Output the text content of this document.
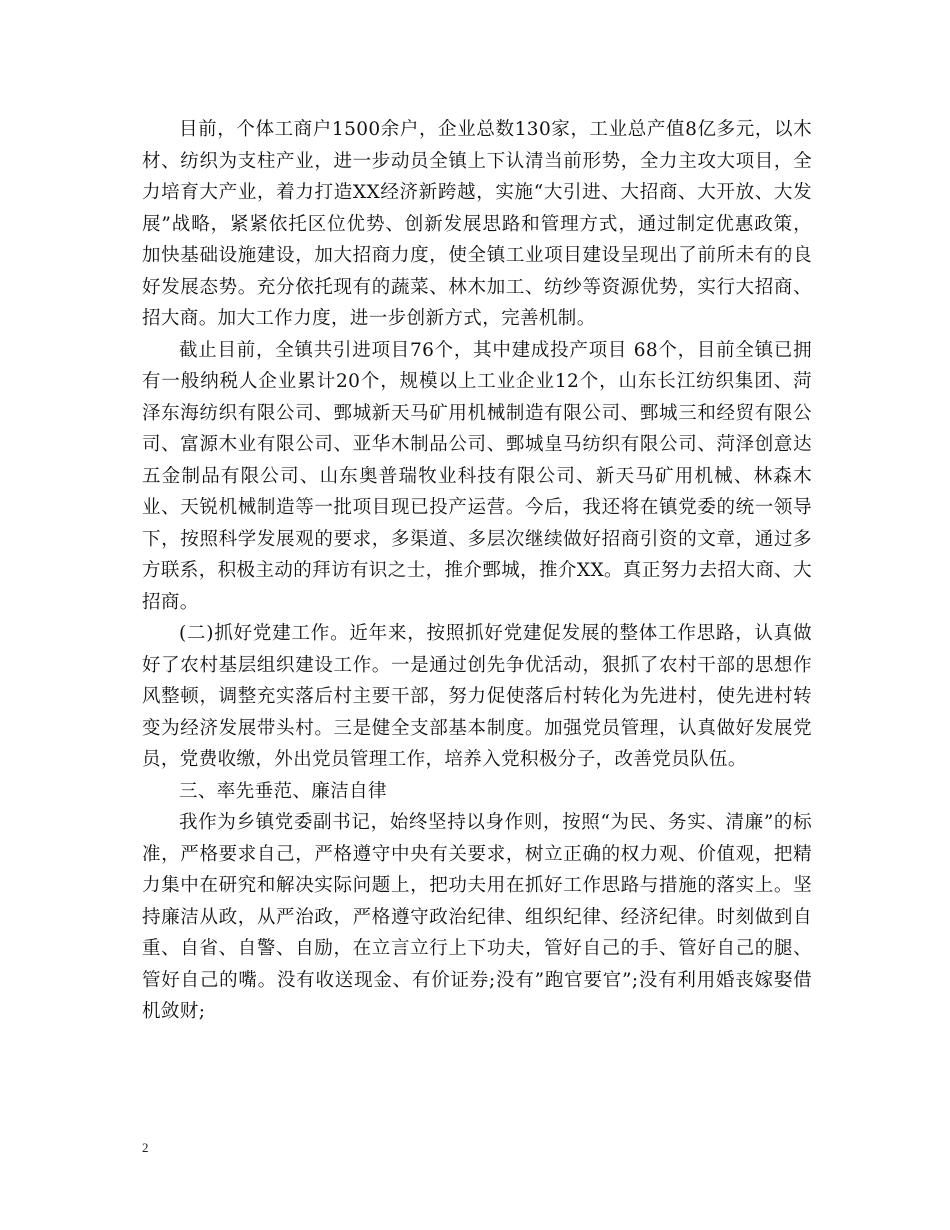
目前，个体工商户1500余户，企业总数130家，工业总产值8亿多元，以木材、纺织为支柱产业，进一步动员全镇上下认清当前形势，全力主攻大项目，全力培育大产业，着力打造XX经济新跨越，实施“大引进、大招商、大开放、大发展”战略，紧紧依托区位优势、创新发展思路和管理方式，通过制定优惠政策，加快基础设施建设，加大招商力度，使全镇工业项目建设呈现出了前所未有的良好发展态势。充分依托现有的蔬菜、林木加工、纺纱等资源优势，实行大招商、招大商。加大工作力度，进一步创新方式，完善机制。

截止目前，全镇共引进项目76个，其中建成投产项目 68个，目前全镇已拥有一般纳税人企业累计20个，规模以上工业企业12个，山东长江纺织集团、菏泽东海纺织有限公司、鄄城新天马矿用机械制造有限公司、鄄城三和经贸有限公司、富源木业有限公司、亚华木制品公司、鄄城皇马纺织有限公司、菏泽创意达五金制品有限公司、山东奥普瑞牧业科技有限公司、新天马矿用机械、林森木业、天锐机械制造等一批项目现已投产运营。今后，我还将在镇党委的统一领导下，按照科学发展观的要求，多渠道、多层次继续做好招商引资的文章，通过多方联系，积极主动的拜访有识之士，推介鄄城，推介XX。真正努力去招大商、大招商。

(二)抓好党建工作。近年来，按照抓好党建促发展的整体工作思路，认真做好了农村基层组织建设工作。一是通过创先争优活动，狠抓了农村干部的思想作风整顿，调整充实落后村主要干部，努力促使落后村转化为先进村，使先进村转变为经济发展带头村。三是健全支部基本制度。加强党员管理，认真做好发展党员，党费收缴，外出党员管理工作，培养入党积极分子，改善党员队伍。

三、率先垂范、廉洁自律

我作为乡镇党委副书记，始终坚持以身作则，按照“为民、务实、清廉”的标准，严格要求自己，严格遵守中央有关要求，树立正确的权力观、价值观，把精力集中在研究和解决实际问题上，把功夫用在抓好工作思路与措施的落实上。坚持廉洁从政，从严治政，严格遵守政治纪律、组织纪律、经济纪律。时刻做到自重、自省、自警、自励，在立言立行上下功夫，管好自己的手、管好自己的腿、管好自己的嘴。没有收送现金、有价证券;没有”跑官要官”;没有利用婚丧嫁娶借机敛财;

2
